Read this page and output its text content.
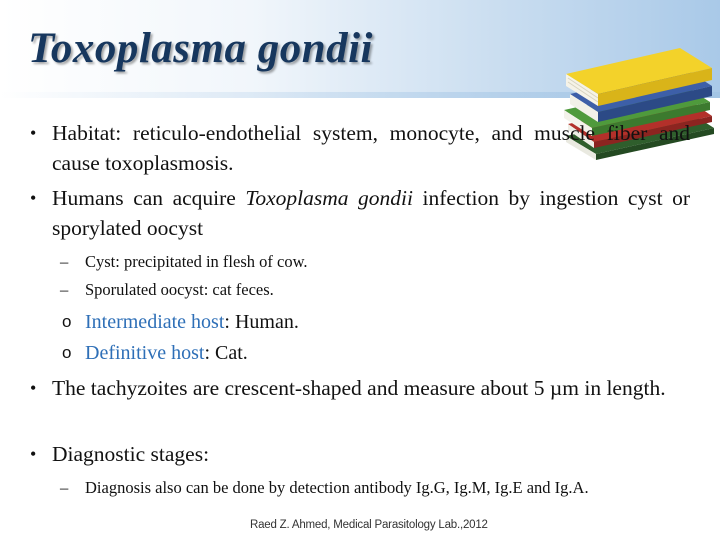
Toxoplasma gondii
• Habitat: reticulo-endothelial system, monocyte, and muscle fiber and cause toxoplasmosis.
• Humans can acquire Toxoplasma gondii infection by ingestion cyst or sporylated oocyst
– Cyst: precipitated in flesh of cow.
– Sporulated oocyst: cat feces.
o Intermediate host: Human.
o Definitive host: Cat.
• The tachyzoites are crescent-shaped and measure about 5 µm in length.
• Diagnostic stages:
– Diagnosis also can be done by detection antibody Ig.G, Ig.M, Ig.E and Ig.A.
Raed Z. Ahmed, Medical Parasitology Lab.,2012
